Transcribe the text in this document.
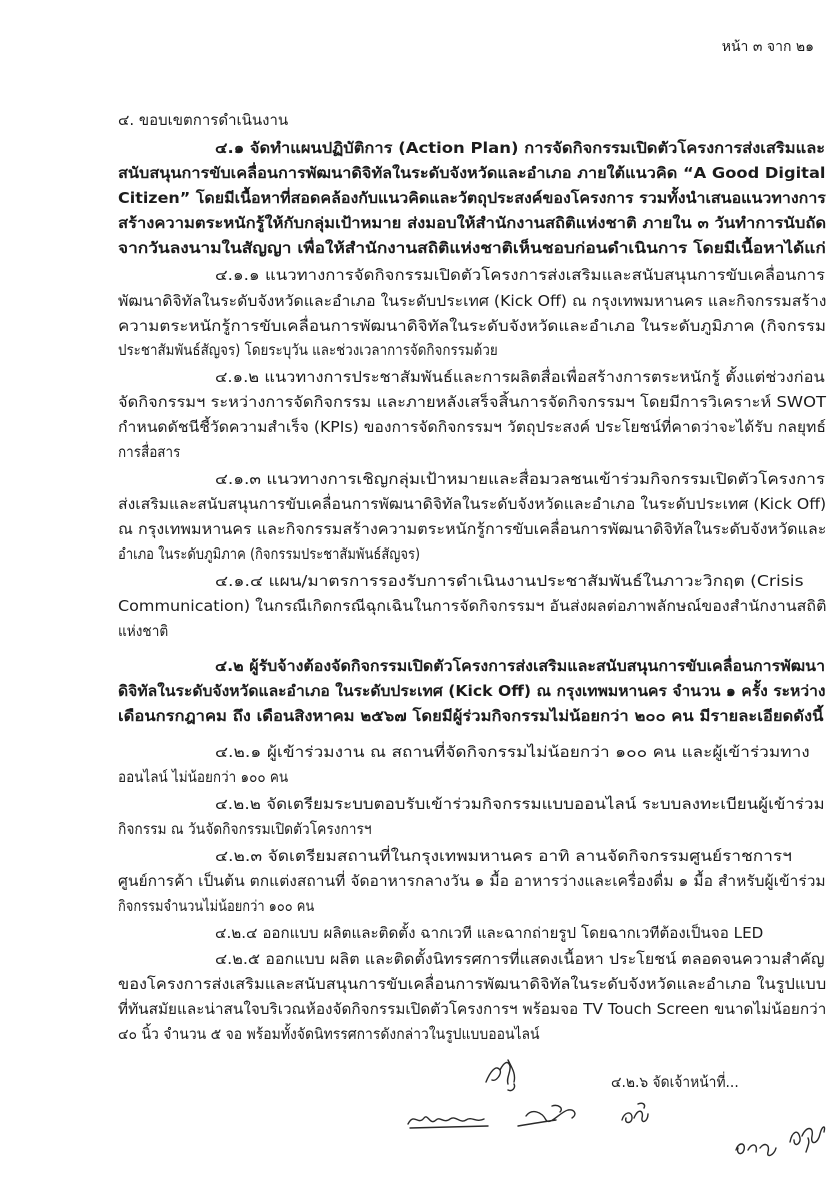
หน้า ๓ จาก ๒๑
๔. ขอบเขตการดำเนินงาน
๔.๑ จัดทำแผนปฏิบัติการ (Action Plan) การจัดกิจกรรมเปิดตัวโครงการส่งเสริมและ
สนับสนุนการขับเคลื่อนการพัฒนาดิจิทัลในระดับจังหวัดและอำเภอ ภายใต้แนวคิด “A Good Digital
Citizen” โดยมีเนื้อหาที่สอดคล้องกับแนวคิดและวัตถุประสงค์ของโครงการ รวมทั้งนำเสนอแนวทางการ
สร้างความตระหนักรู้ให้กับกลุ่มเป้าหมาย ส่งมอบให้สำนักงานสถิติแห่งชาติ ภายใน ๓ วันทำการนับถัด
จากวันลงนามในสัญญา เพื่อให้สำนักงานสถิติแห่งชาติเห็นชอบก่อนดำเนินการ โดยมีเนื้อหาได้แก่
๔.๑.๑ แนวทางการจัดกิจกรรมเปิดตัวโครงการส่งเสริมและสนับสนุนการขับเคลื่อนการ
พัฒนาดิจิทัลในระดับจังหวัดและอำเภอ ในระดับประเทศ (Kick Off) ณ กรุงเทพมหานคร และกิจกรรมสร้าง
ความตระหนักรู้การขับเคลื่อนการพัฒนาดิจิทัลในระดับจังหวัดและอำเภอ ในระดับภูมิภาค (กิจกรรม
ประชาสัมพันธ์สัญจร) โดยระบุวัน และช่วงเวลาการจัดกิจกรรมด้วย
๔.๑.๒ แนวทางการประชาสัมพันธ์และการผลิตสื่อเพื่อสร้างการตระหนักรู้ ตั้งแต่ช่วงก่อน
จัดกิจกรรมฯ ระหว่างการจัดกิจกรรม และภายหลังเสร็จสิ้นการจัดกิจกรรมฯ โดยมีการวิเคราะห์ SWOT
กำหนดดัชนีชี้วัดความสำเร็จ (KPIs) ของการจัดกิจกรรมฯ วัตถุประสงค์ ประโยชน์ที่คาดว่าจะได้รับ กลยุทธ์
การสื่อสาร
๔.๑.๓ แนวทางการเชิญกลุ่มเป้าหมายและสื่อมวลชนเข้าร่วมกิจกรรมเปิดตัวโครงการ
ส่งเสริมและสนับสนุนการขับเคลื่อนการพัฒนาดิจิทัลในระดับจังหวัดและอำเภอ ในระดับประเทศ (Kick Off)
ณ กรุงเทพมหานคร และกิจกรรมสร้างความตระหนักรู้การขับเคลื่อนการพัฒนาดิจิทัลในระดับจังหวัดและ
อำเภอ ในระดับภูมิภาค (กิจกรรมประชาสัมพันธ์สัญจร)
๔.๑.๔ แผน/มาตรการรองรับการดำเนินงานประชาสัมพันธ์ในภาวะวิกฤต (Crisis
Communication) ในกรณีเกิดกรณีฉุกเฉินในการจัดกิจกรรมฯ อันส่งผลต่อภาพลักษณ์ของสำนักงานสถิติ
แห่งชาติ
๔.๒ ผู้รับจ้างต้องจัดกิจกรรมเปิดตัวโครงการส่งเสริมและสนับสนุนการขับเคลื่อนการพัฒนา
ดิจิทัลในระดับจังหวัดและอำเภอ ในระดับประเทศ (Kick Off) ณ กรุงเทพมหานคร จำนวน ๑ ครั้ง ระหว่าง
เดือนกรกฎาคม ถึง เดือนสิงหาคม ๒๕๖๗ โดยมีผู้ร่วมกิจกรรมไม่น้อยกว่า ๒๐๐ คน มีรายละเอียดดังนี้
๔.๒.๑ ผู้เข้าร่วมงาน ณ สถานที่จัดกิจกรรมไม่น้อยกว่า ๑๐๐ คน และผู้เข้าร่วมทาง
ออนไลน์ ไม่น้อยกว่า ๑๐๐ คน
๔.๒.๒ จัดเตรียมระบบตอบรับเข้าร่วมกิจกรรมแบบออนไลน์ ระบบลงทะเบียนผู้เข้าร่วม
กิจกรรม ณ วันจัดกิจกรรมเปิดตัวโครงการฯ
๔.๒.๓ จัดเตรียมสถานที่ในกรุงเทพมหานคร อาทิ ลานจัดกิจกรรมศูนย์ราชการฯ
ศูนย์การค้า เป็นต้น ตกแต่งสถานที่ จัดอาหารกลางวัน ๑ มื้อ อาหารว่างและเครื่องดื่ม ๑ มื้อ สำหรับผู้เข้าร่วม
กิจกรรมจำนวนไม่น้อยกว่า ๑๐๐ คน
๔.๒.๔ ออกแบบ ผลิตและติดตั้ง ฉากเวที และฉากถ่ายรูป โดยฉากเวทีต้องเป็นจอ LED
๔.๒.๕ ออกแบบ ผลิต และติดตั้งนิทรรศการที่แสดงเนื้อหา ประโยชน์ ตลอดจนความสำคัญ
ของโครงการส่งเสริมและสนับสนุนการขับเคลื่อนการพัฒนาดิจิทัลในระดับจังหวัดและอำเภอ ในรูปแบบ
ที่ทันสมัยและน่าสนใจบริเวณห้องจัดกิจกรรมเปิดตัวโครงการฯ พร้อมจอ TV Touch Screen ขนาดไม่น้อยกว่า
๔๐ นิ้ว จำนวน ๕ จอ พร้อมทั้งจัดนิทรรศการดังกล่าวในรูปแบบออนไลน์
๔.๒.๖ จัดเจ้าหน้าที่...
